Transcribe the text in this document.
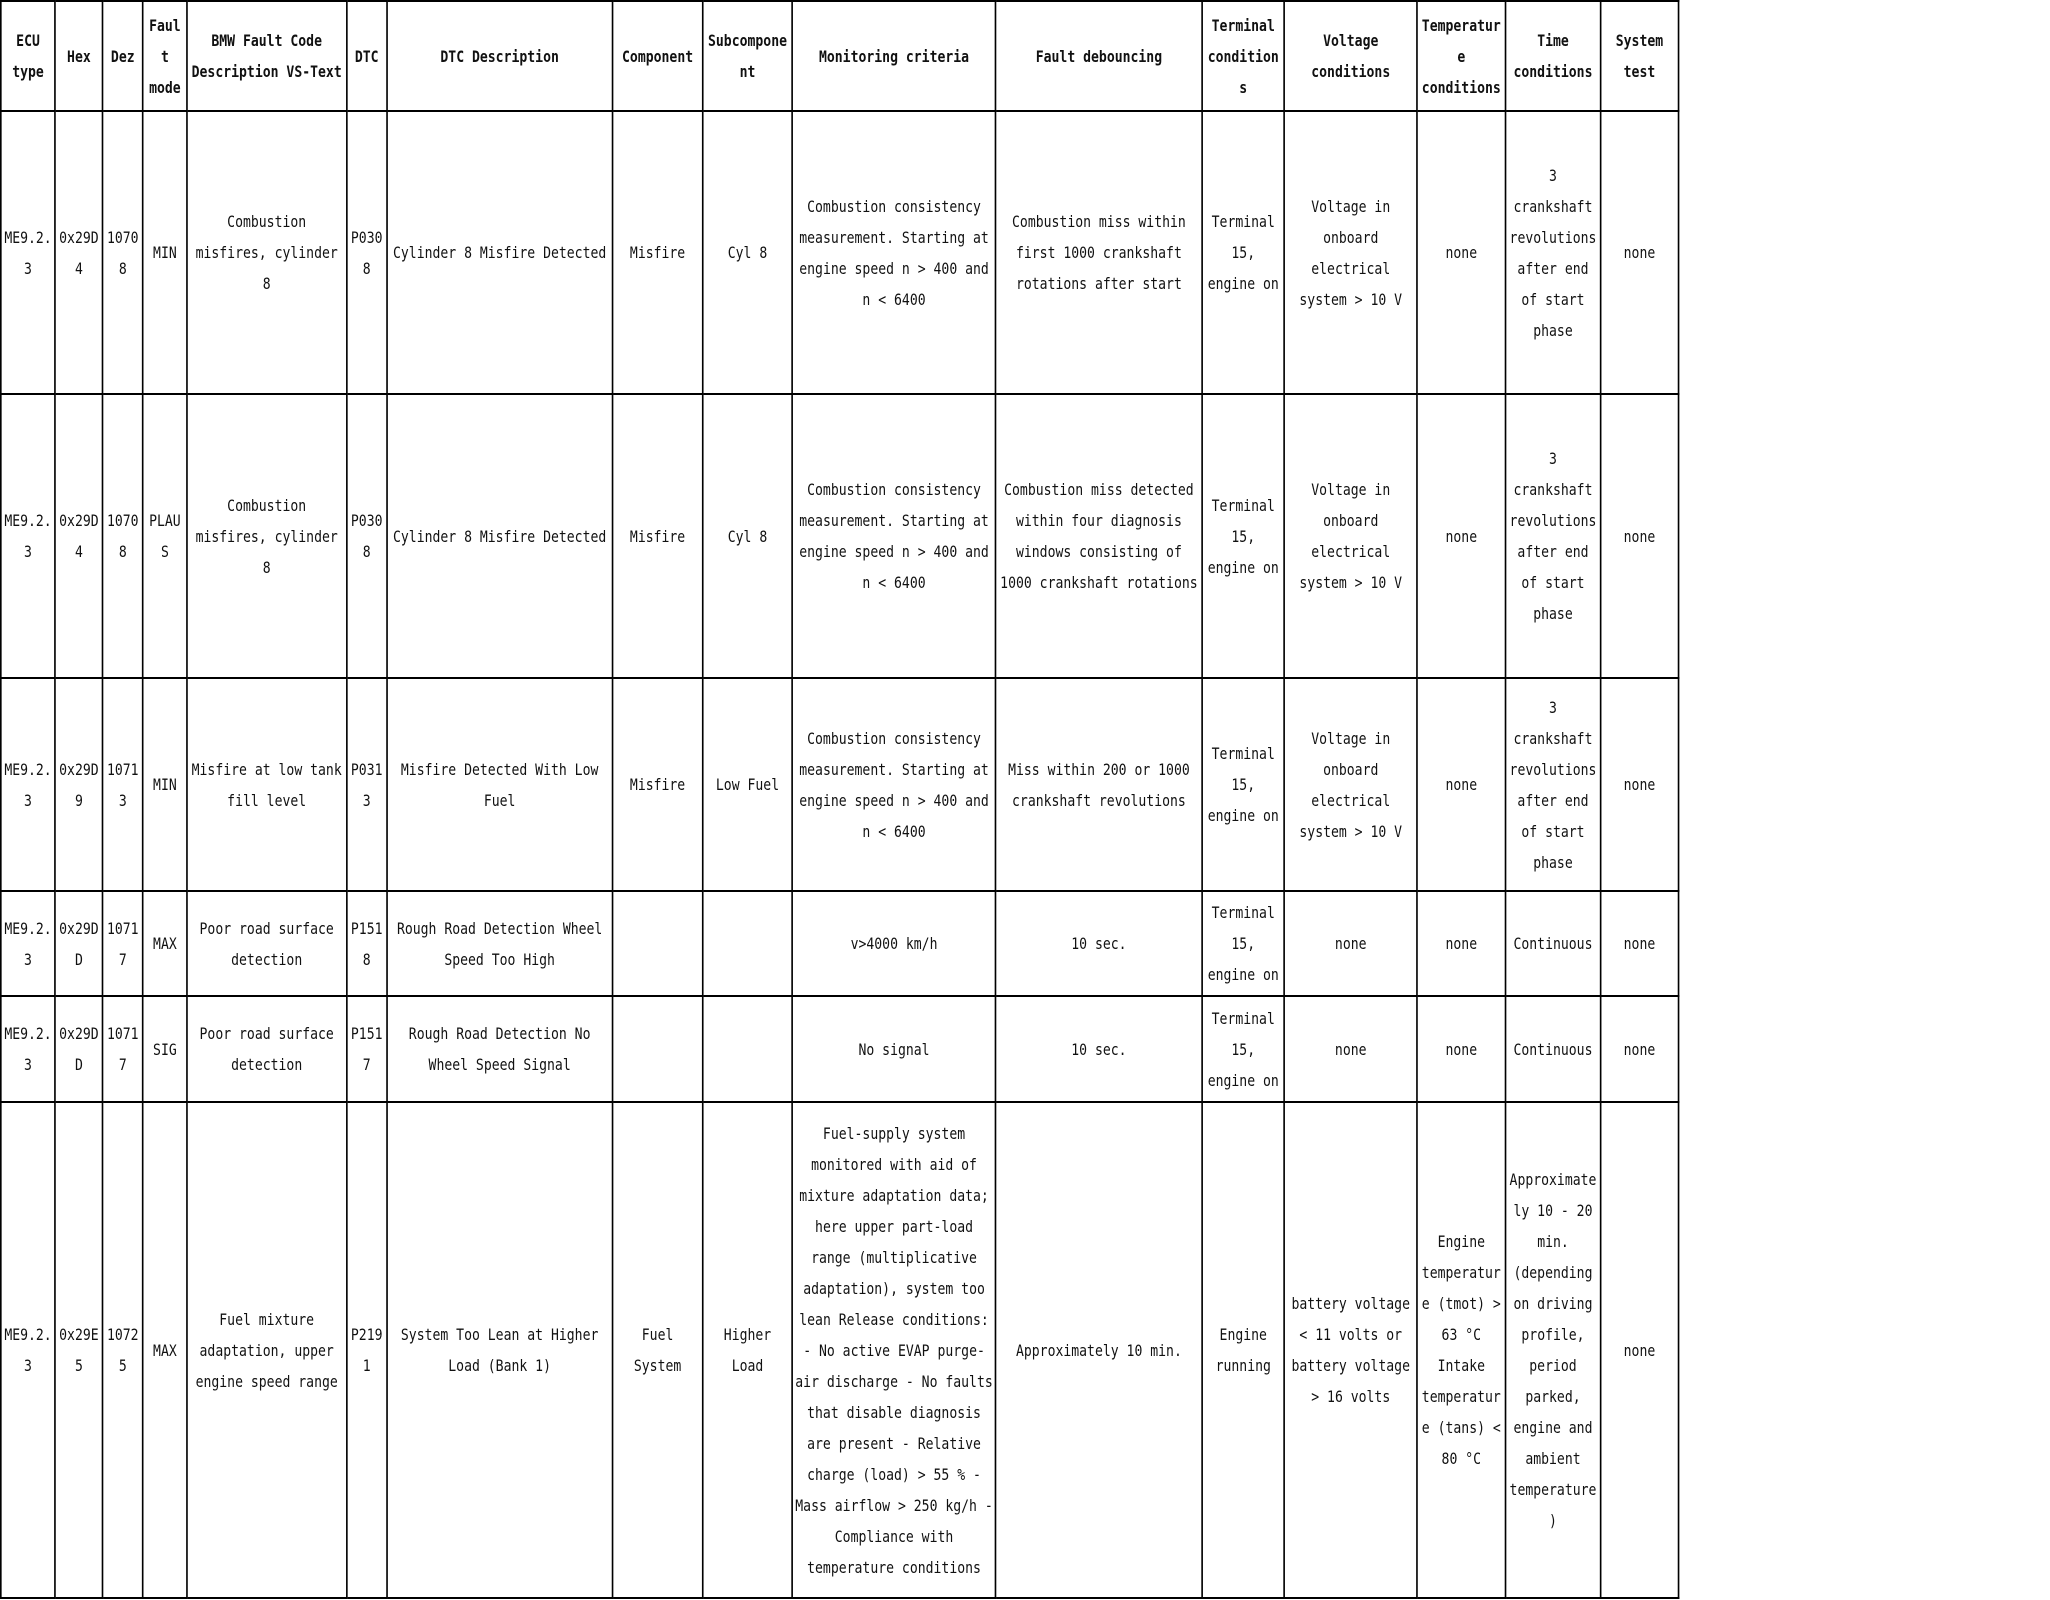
ECU type	Hex	Dez	Fault mode	BMW Fault Code Description VS-Text	DTC	DTC Description	Component	Subcomponent	Monitoring criteria	Fault debouncing	Terminal conditions	Voltage conditions	Temperature conditions	Time conditions	System test
ME9.2.3	0x29D4	10708	MIN	Combustion misfires, cylinder 8	P0308	Cylinder 8 Misfire Detected	Misfire	Cyl 8	Combustion consistency measurement. Starting at engine speed n > 400 and n < 6400	Combustion miss within first 1000 crankshaft rotations after start	Terminal 15, engine on	Voltage in onboard electrical system > 10 V	none	3 crankshaft revolutions after end of start phase	none
ME9.2.3	0x29D4	10708	PLAUS	Combustion misfires, cylinder 8	P0308	Cylinder 8 Misfire Detected	Misfire	Cyl 8	Combustion consistency measurement. Starting at engine speed n > 400 and n < 6400	Combustion miss detected within four diagnosis windows consisting of 1000 crankshaft rotations	Terminal 15, engine on	Voltage in onboard electrical system > 10 V	none	3 crankshaft revolutions after end of start phase	none
ME9.2.3	0x29D9	10713	MIN	Misfire at low tank fill level	P0313	Misfire Detected With Low Fuel	Misfire	Low Fuel	Combustion consistency measurement. Starting at engine speed n > 400 and n < 6400	Miss within 200 or 1000 crankshaft revolutions	Terminal 15, engine on	Voltage in onboard electrical system > 10 V	none	3 crankshaft revolutions after end of start phase	none
ME9.2.3	0x29DD	10717	MAX	Poor road surface detection	P1518	Rough Road Detection Wheel Speed Too High			v>4000 km/h	10 sec.	Terminal 15, engine on	none	none	Continuous	none
ME9.2.3	0x29DD	10717	SIG	Poor road surface detection	P1517	Rough Road Detection No Wheel Speed Signal			No signal	10 sec.	Terminal 15, engine on	none	none	Continuous	none
ME9.2.3	0x29E5	10725	MAX	Fuel mixture adaptation, upper engine speed range	P2191	System Too Lean at Higher Load (Bank 1)	Fuel System	Higher Load	Fuel-supply system monitored with aid of mixture adaptation data; here upper part-load range (multiplicative adaptation), system too lean Release conditions: - No active EVAP purge-air discharge - No faults that disable diagnosis are present - Relative charge (load) > 55 % - Mass airflow > 250 kg/h - Compliance with temperature conditions	Approximately 10 min.	Engine running	battery voltage < 11 volts or battery voltage > 16 volts	Engine temperature (tmot) > 63 °C Intake temperature (tans) < 80 °C	Approximately 10 - 20 min. (depending on driving profile, period parked, engine and ambient temperature)	none
